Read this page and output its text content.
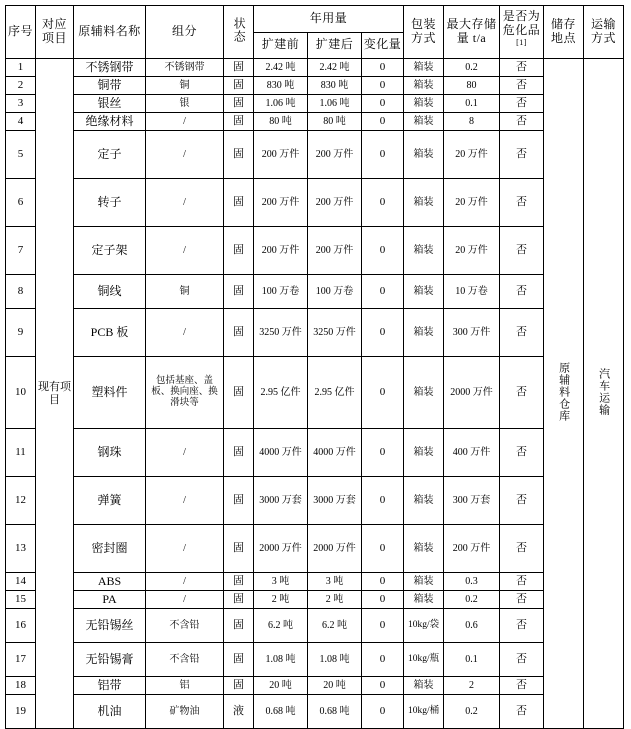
序号	对应项目	原辅料名称	组分	状态	年用量			包装方式	最大存储量 t/a	是否为危化品[1]	储存地点	运输方式
					扩建前	扩建后	变化量					
1	现有项目	不锈钢带	不锈钢带	固	2.42 吨	2.42 吨	0	箱装	0.2	否	原辅料仓库	汽车运输
2		铜带	铜	固	830 吨	830 吨	0	箱装	80	否		
3		银丝	银	固	1.06 吨	1.06 吨	0	箱装	0.1	否		
4		绝缘材料	/	固	80 吨	80 吨	0	箱装	8	否		
5		定子	/	固	200 万件	200 万件	0	箱装	20 万件	否		
6		转子	/	固	200 万件	200 万件	0	箱装	20 万件	否		
7		定子架	/	固	200 万件	200 万件	0	箱装	20 万件	否		
8		铜线	铜	固	100 万卷	100 万卷	0	箱装	10 万卷	否		
9		PCB 板	/	固	3250 万件	3250 万件	0	箱装	300 万件	否		
10		塑料件	包括基座、盖板、换向座、换滑块等	固	2.95 亿件	2.95 亿件	0	箱装	2000 万件	否		
11		钢珠	/	固	4000 万件	4000 万件	0	箱装	400 万件	否		
12		弹簧	/	固	3000 万套	3000 万套	0	箱装	300 万套	否		
13		密封圈	/	固	2000 万件	2000 万件	0	箱装	200 万件	否		
14		ABS	/	固	3 吨	3 吨	0	箱装	0.3	否		
15		PA	/	固	2 吨	2 吨	0	箱装	0.2	否		
16		无铅锡丝	不含铅	固	6.2 吨	6.2 吨	0	10kg/袋	0.6	否		
17		无铅锡膏	不含铅	固	1.08 吨	1.08 吨	0	10kg/瓶	0.1	否		
18		铝带	铝	固	20 吨	20 吨	0	箱装	2	否		
19		机油	矿物油	液	0.68 吨	0.68 吨	0	10kg/桶	0.2	否		
